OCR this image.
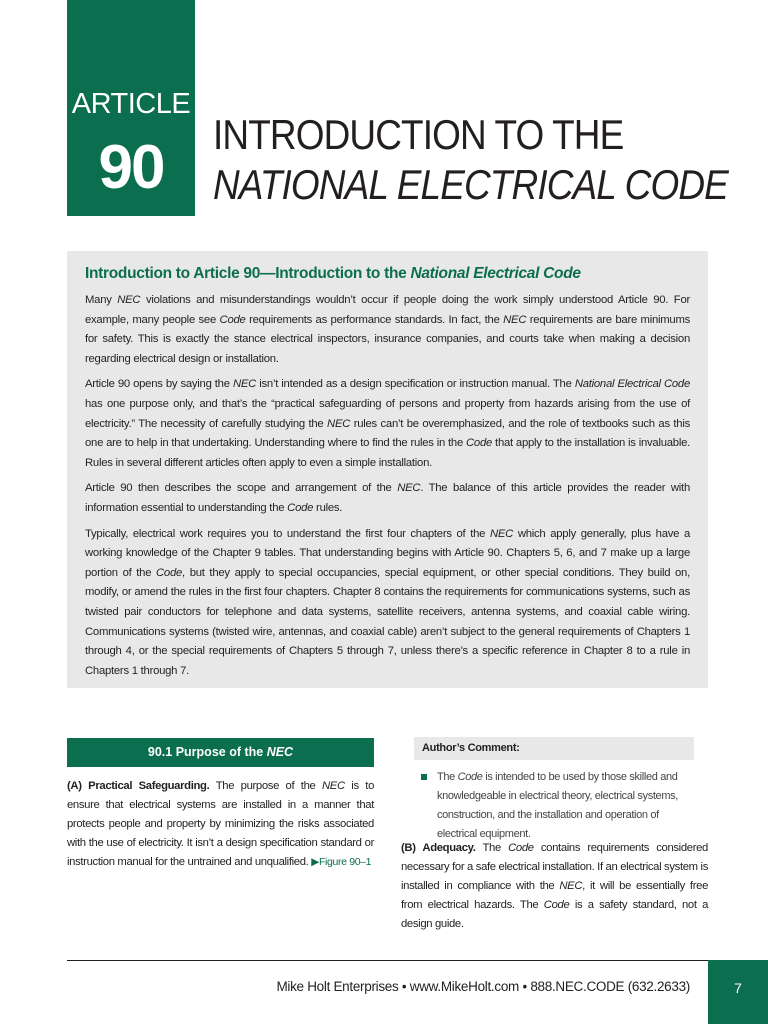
ARTICLE
90	INTRODUCTION TO THE
NATIONAL ELECTRICAL CODE
Introduction to Article 90—Introduction to the National Electrical Code

Many NEC violations and misunderstandings wouldn’t occur if people doing the work simply understood Article 90. For example, many people see Code requirements as performance standards. In fact, the NEC requirements are bare minimums for safety. This is exactly the stance electrical inspectors, insurance companies, and courts take when making a decision regarding electrical design or installation.

Article 90 opens by saying the NEC isn’t intended as a design specification or instruction manual. The National Electrical Code has one purpose only, and that’s the “practical safeguarding of persons and property from hazards arising from the use of electricity.” The necessity of carefully studying the NEC rules can’t be overemphasized, and the role of textbooks such as this one are to help in that undertaking. Understanding where to find the rules in the Code that apply to the installation is invaluable. Rules in several different articles often apply to even a simple installation.

Article 90 then describes the scope and arrangement of the NEC. The balance of this article provides the reader with information essential to understanding the Code rules.

Typically, electrical work requires you to understand the first four chapters of the NEC which apply generally, plus have a working knowledge of the Chapter 9 tables. That understanding begins with Article 90. Chapters 5, 6, and 7 make up a large portion of the Code, but they apply to special occupancies, special equipment, or other special conditions. They build on, modify, or amend the rules in the first four chapters. Chapter 8 contains the requirements for communications systems, such as twisted pair conductors for telephone and data systems, satellite receivers, antenna systems, and coaxial cable wiring. Communications systems (twisted wire, antennas, and coaxial cable) aren’t subject to the general requirements of Chapters 1 through 4, or the special requirements of Chapters 5 through 7, unless there’s a specific reference in Chapter 8 to a rule in Chapters 1 through 7.

90.1 Purpose of the NEC

(A) Practical Safeguarding. The purpose of the NEC is to ensure that electrical systems are installed in a manner that protects people and property by minimizing the risks associated with the use of electricity. It isn’t a design specification standard or instruction manual for the untrained and unqualified. ▶Figure 90–1

Author’s Comment:
The Code is intended to be used by those skilled and knowledgeable in electrical theory, electrical systems, construction, and the installation and operation of electrical equipment.

(B) Adequacy. The Code contains requirements considered necessary for a safe electrical installation. If an electrical system is installed in compliance with the NEC, it will be essentially free from electrical hazards. The Code is a safety standard, not a design guide.

Mike Holt Enterprises • www.MikeHolt.com • 888.NEC.CODE (632.2633)	7
